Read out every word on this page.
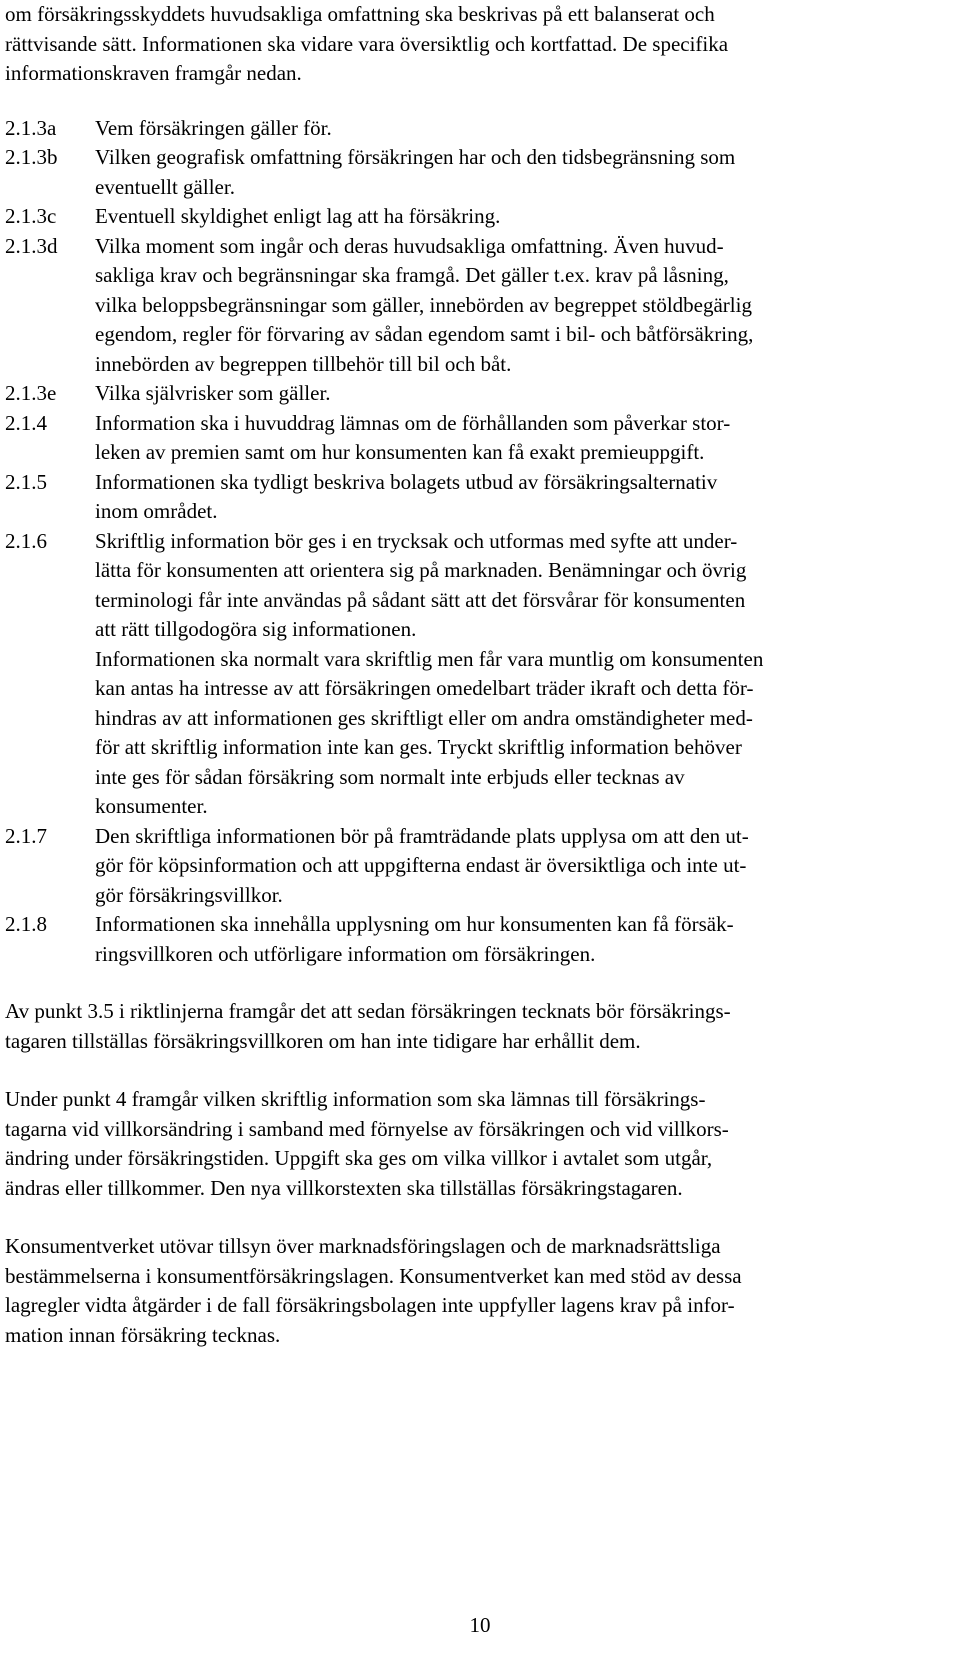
om försäkringsskyddets huvudsakliga omfattning ska beskrivas på ett balanserat och
rättvisande sätt. Informationen ska vidare vara översiktlig och kortfattad. De specifika
informationskraven framgår nedan.
2.1.3a	Vem försäkringen gäller för.
2.1.3b	Vilken geografisk omfattning försäkringen har och den tidsbegränsning som
eventuellt gäller.
2.1.3c	Eventuell skyldighet enligt lag att ha försäkring.
2.1.3d	Vilka moment som ingår och deras huvudsakliga omfattning. Även huvud-
sakliga krav och begränsningar ska framgå. Det gäller t.ex. krav på låsning,
vilka beloppsbegränsningar som gäller, innebörden av begreppet stöldbegärlig
egendom, regler för förvaring av sådan egendom samt i bil- och båtförsäkring,
innebörden av begreppen tillbehör till bil och båt.
2.1.3e	Vilka självrisker som gäller.
2.1.4	Information ska i huvuddrag lämnas om de förhållanden som påverkar stor-
leken av premien samt om hur konsumenten kan få exakt premieuppgift.
2.1.5	Informationen ska tydligt beskriva bolagets utbud av försäkringsalternativ
inom området.
2.1.6	Skriftlig information bör ges i en trycksak och utformas med syfte att under-
lätta för konsumenten att orientera sig på marknaden. Benämningar och övrig
terminologi får inte användas på sådant sätt att det försvårar för konsumenten
att rätt tillgodogöra sig informationen.
Informationen ska normalt vara skriftlig men får vara muntlig om konsumenten
kan antas ha intresse av att försäkringen omedelbart träder ikraft och detta för-
hindras av att informationen ges skriftligt eller om andra omständigheter med-
för att skriftlig information inte kan ges. Tryckt skriftlig information behöver
inte ges för sådan försäkring som normalt inte erbjuds eller tecknas av
konsumenter.
2.1.7	Den skriftliga informationen bör på framträdande plats upplysa om att den ut-
gör för köpsinformation och att uppgifterna endast är översiktliga och inte ut-
gör försäkringsvillkor.
2.1.8	Informationen ska innehålla upplysning om hur konsumenten kan få försäk-
ringsvillkoren och utförligare information om försäkringen.
Av punkt 3.5 i riktlinjerna framgår det att sedan försäkringen tecknats bör försäkrings-
tagaren tillställas försäkringsvillkoren om han inte tidigare har erhållit dem.
Under punkt 4 framgår vilken skriftlig information som ska lämnas till försäkrings-
tagarna vid villkorsändring i samband med förnyelse av försäkringen och vid villkors-
ändring under försäkringstiden. Uppgift ska ges om vilka villkor i avtalet som utgår,
ändras eller tillkommer. Den nya villkorstexten ska tillställas försäkringstagaren.
Konsumentverket utövar tillsyn över marknadsföringslagen och de marknadsrättsliga
bestämmelserna i konsumentförsäkringslagen. Konsumentverket kan med stöd av dessa
lagregler vidta åtgärder i de fall försäkringsbolagen inte uppfyller lagens krav på infor-
mation innan försäkring tecknas.
10
